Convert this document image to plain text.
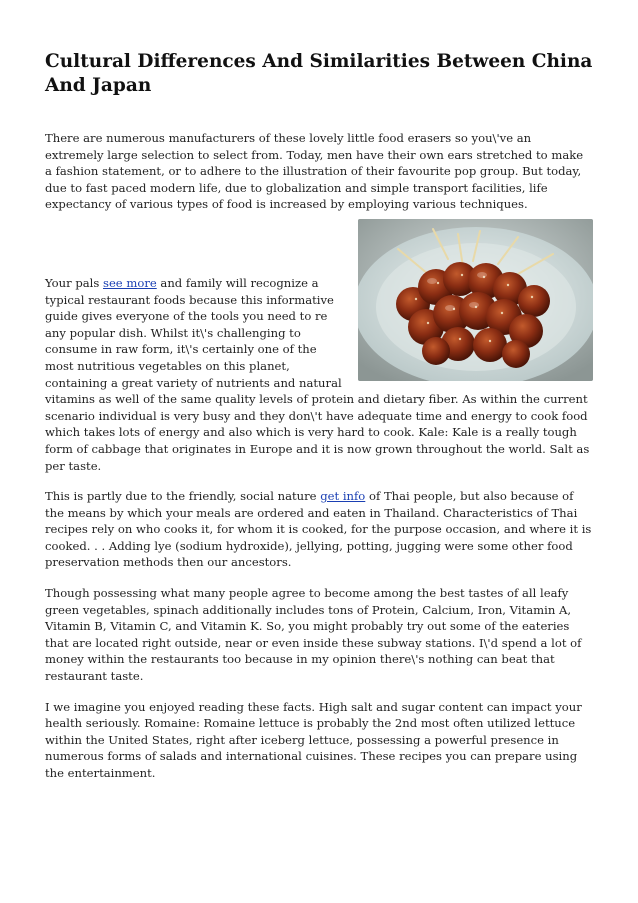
Cultural Differences And Similarities Between China And Japan

There are numerous manufacturers of these lovely little food erasers so you\'ve an extremely large selection to select from. Today, men have their own ears stretched to make a fashion statement, or to adhere to the illustration of their favourite pop group. But today, due to fast paced modern life, due to globalization and simple transport facilities, life expectancy of various types of food is increased by employing various techniques.

Your pals see more and family will recognize a typical restaurant foods because this informative guide gives everyone of the tools you need to re any popular dish. Whilst it\'s challenging to consume in raw form, it\'s certainly one of the most nutritious vegetables on this planet, containing a great variety of nutrients and natural vitamins as well of the same quality levels of protein and dietary fiber. As within the current scenario individual is very busy and they don\'t have adequate time and energy to cook food which takes lots of energy and also which is very hard to cook. Kale: Kale is a really tough form of cabbage that originates in Europe and it is now grown throughout the world. Salt as per taste.

This is partly due to the friendly, social nature get info of Thai people, but also because of the means by which your meals are ordered and eaten in Thailand. Characteristics of Thai recipes rely on who cooks it, for whom it is cooked, for the purpose occasion, and where it is cooked. . . Adding lye (sodium hydroxide), jellying, potting, jugging were some other food preservation methods then our ancestors.

Though possessing what many people agree to become among the best tastes of all leafy green vegetables, spinach additionally includes tons of Protein, Calcium, Iron, Vitamin A, Vitamin B, Vitamin C, and Vitamin K. So, you might probably try out some of the eateries that are located right outside, near or even inside these subway stations. I\'d spend a lot of money within the restaurants too because in my opinion there\'s nothing can beat that restaurant taste.

I we imagine you enjoyed reading these facts. High salt and sugar content can impact your health seriously. Romaine: Romaine lettuce is probably the 2nd most often utilized lettuce within the United States, right after iceberg lettuce, possessing a powerful presence in numerous forms of salads and international cuisines. These recipes you can prepare using the entertainment.
